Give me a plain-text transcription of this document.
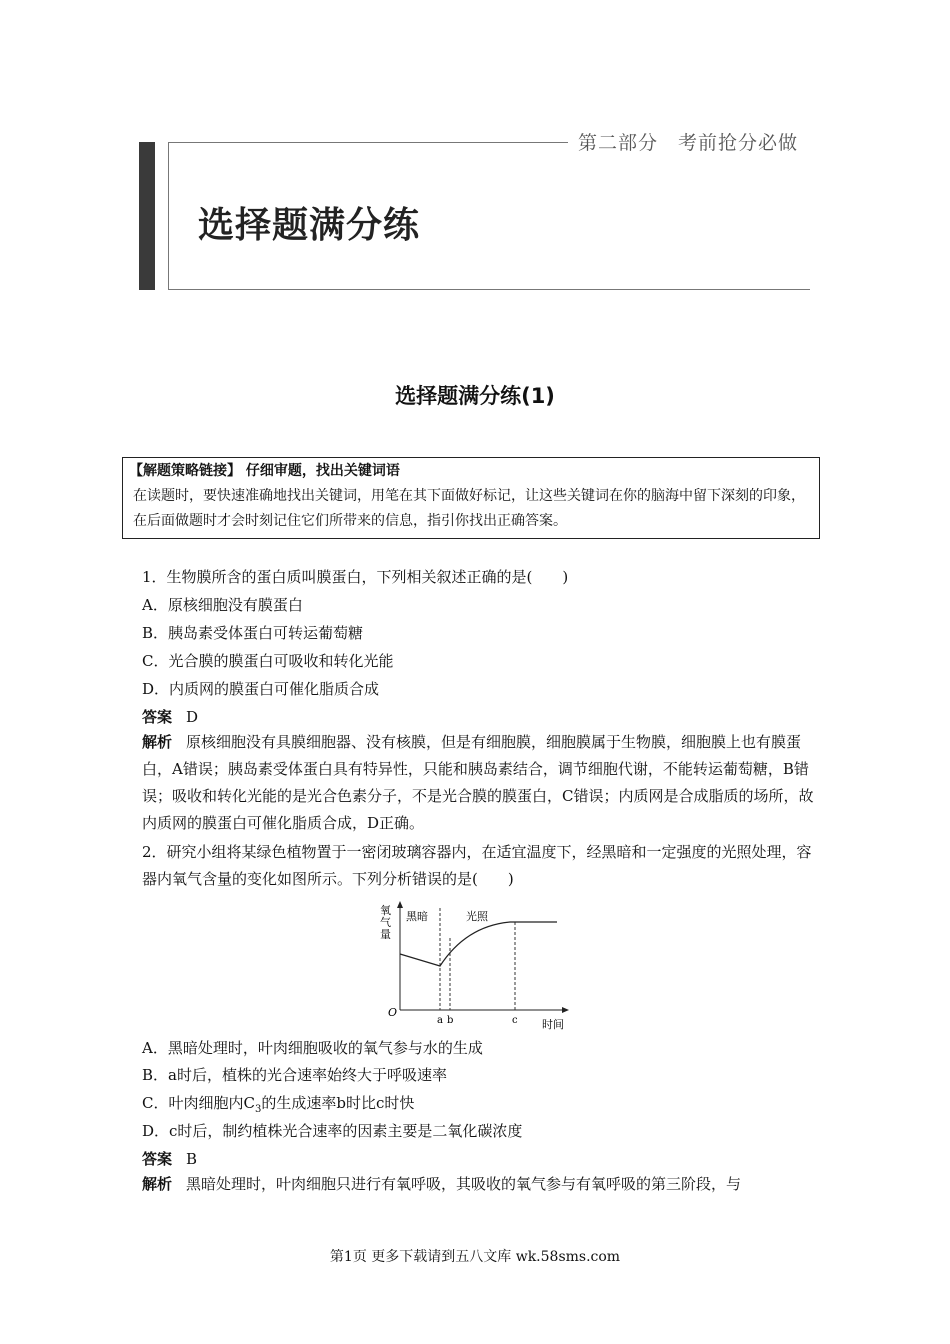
第二部分　考前抢分必做
选择题满分练
选择题满分练(1)
【解题策略链接】 仔细审题，找出关键词语
在读题时，要快速准确地找出关键词，用笔在其下面做好标记，让这些关键词在你的脑海中留下深刻的印象，在后面做题时才会时刻记住它们所带来的信息，指引你找出正确答案。
1．生物膜所含的蛋白质叫膜蛋白，下列相关叙述正确的是(　　)
A．原核细胞没有膜蛋白
B．胰岛素受体蛋白可转运葡萄糖
C．光合膜的膜蛋白可吸收和转化光能
D．内质网的膜蛋白可催化脂质合成
答案 D
解析 原核细胞没有具膜细胞器、没有核膜，但是有细胞膜，细胞膜属于生物膜，细胞膜上也有膜蛋白，A错误；胰岛素受体蛋白具有特异性，只能和胰岛素结合，调节细胞代谢，不能转运葡萄糖，B错误；吸收和转化光能的是光合色素分子，不是光合膜的膜蛋白，C错误；内质网是合成脂质的场所，故内质网的膜蛋白可催化脂质合成，D正确。
2．研究小组将某绿色植物置于一密闭玻璃容器内，在适宜温度下，经黑暗和一定强度的光照处理，容器内氧气含量的变化如图所示。下列分析错误的是(　　)
氧
气
量
黑暗	光照
O
a b	c 时间
A．黑暗处理时，叶肉细胞吸收的氧气参与水的生成
B．a时后，植株的光合速率始终大于呼吸速率
C．叶肉细胞内$C_3$的生成速率b时比c时快
D．c时后，制约植株光合速率的因素主要是二氧化碳浓度
答案 B
解析 黑暗处理时，叶肉细胞只进行有氧呼吸，其吸收的氧气参与有氧呼吸的第三阶段，与
第1页 更多下载请到五八文库 wk.58sms.com
